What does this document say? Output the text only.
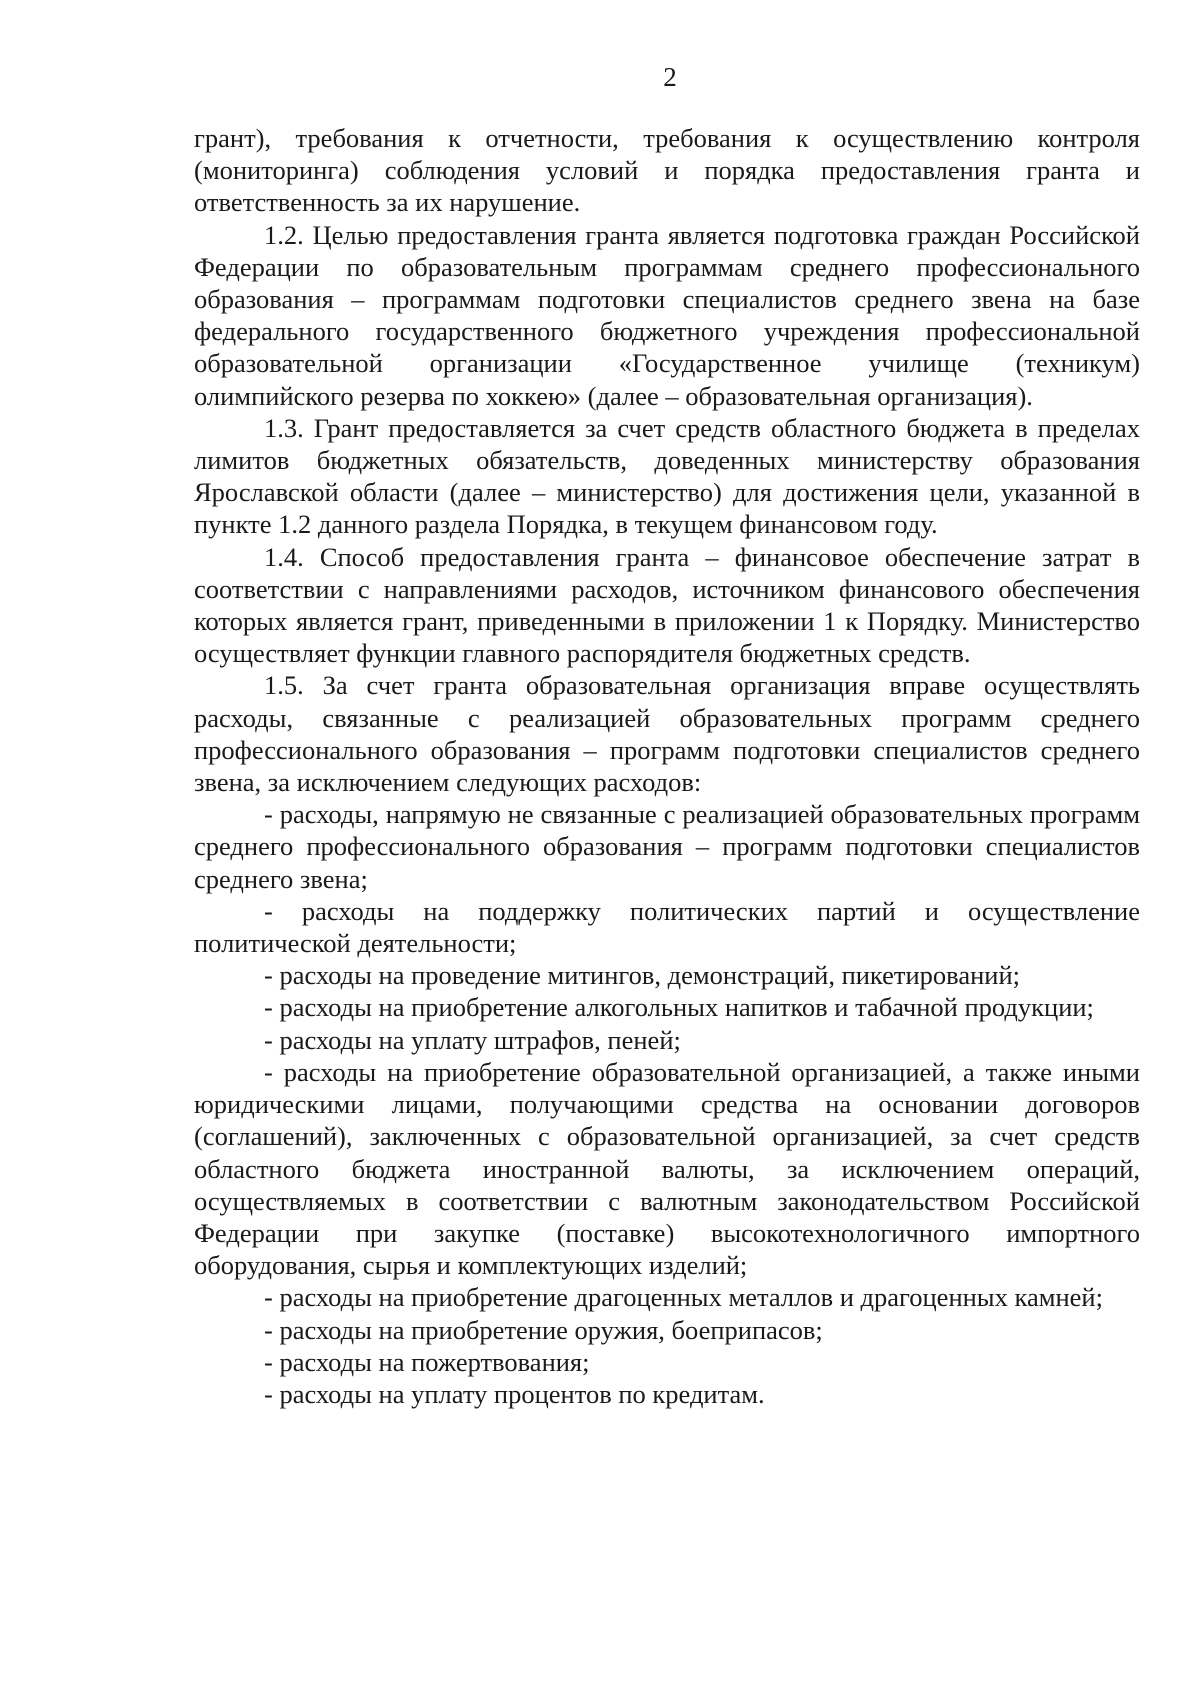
2

грант), требования к отчетности, требования к осуществлению контроля (мониторинга) соблюдения условий и порядка предоставления гранта и ответственность за их нарушение.

1.2. Целью предоставления гранта является подготовка граждан Российской Федерации по образовательным программам среднего профессионального образования – программам подготовки специалистов среднего звена на базе федерального государственного бюджетного учреждения профессиональной образовательной организации «Государственное училище (техникум) олимпийского резерва по хоккею» (далее – образовательная организация).

1.3. Грант предоставляется за счет средств областного бюджета в пределах лимитов бюджетных обязательств, доведенных министерству образования Ярославской области (далее – министерство) для достижения цели, указанной в пункте 1.2 данного раздела Порядка, в текущем финансовом году.

1.4. Способ предоставления гранта – финансовое обеспечение затрат в соответствии с направлениями расходов, источником финансового обеспечения которых является грант, приведенными в приложении 1 к Порядку. Министерство осуществляет функции главного распорядителя бюджетных средств.

1.5. За счет гранта образовательная организация вправе осуществлять расходы, связанные с реализацией образовательных программ среднего профессионального образования – программ подготовки специалистов среднего звена, за исключением следующих расходов:

- расходы, напрямую не связанные с реализацией образовательных программ среднего профессионального образования – программ подготовки специалистов среднего звена;

- расходы на поддержку политических партий и осуществление политической деятельности;

- расходы на проведение митингов, демонстраций, пикетирований;

- расходы на приобретение алкогольных напитков и табачной продукции;

- расходы на уплату штрафов, пеней;

- расходы на приобретение образовательной организацией, а также иными юридическими лицами, получающими средства на основании договоров (соглашений), заключенных с образовательной организацией, за счет средств областного бюджета иностранной валюты, за исключением операций, осуществляемых в соответствии с валютным законодательством Российской Федерации при закупке (поставке) высокотехнологичного импортного оборудования, сырья и комплектующих изделий;

- расходы на приобретение драгоценных металлов и драгоценных камней;

- расходы на приобретение оружия, боеприпасов;

- расходы на пожертвования;

- расходы на уплату процентов по кредитам.
